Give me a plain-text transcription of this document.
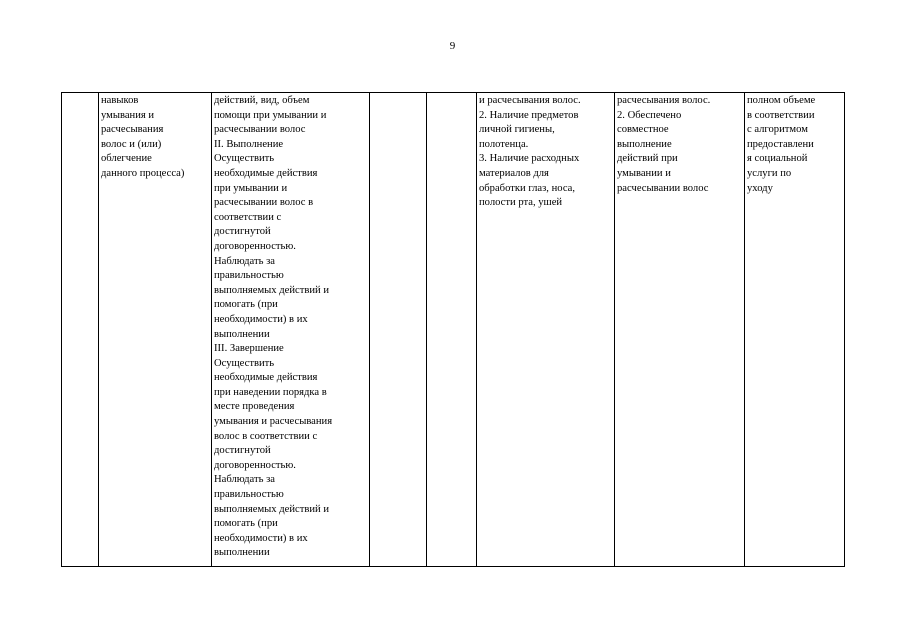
9
	навыков
умывания и
расчесывания
волос и (или)
облегчение
данного процесса)	действий, вид, объем
помощи при умывании и
расчесывании волос
II. Выполнение
Осуществить
необходимые действия
при умывании и
расчесывании волос в
соответствии с
достигнутой
договоренностью.
Наблюдать за
правильностью
выполняемых действий и
помогать (при
необходимости) в их
выполнении
III. Завершение
Осуществить
необходимые действия
при наведении порядка в
месте проведения
умывания и расчесывания
волос в соответствии с
достигнутой
договоренностью.
Наблюдать за
правильностью
выполняемых действий и
помогать (при
необходимости) в их
выполнении			и расчесывания волос.
2. Наличие предметов
личной гигиены,
полотенца.
3. Наличие расходных
материалов для
обработки глаз, носа,
полости рта, ушей	расчесывания волос.
2. Обеспечено
совместное
выполнение
действий при
умывании и
расчесывании волос	полном объеме
в соответствии
с алгоритмом
предоставлени
я социальной
услуги по
уходу
